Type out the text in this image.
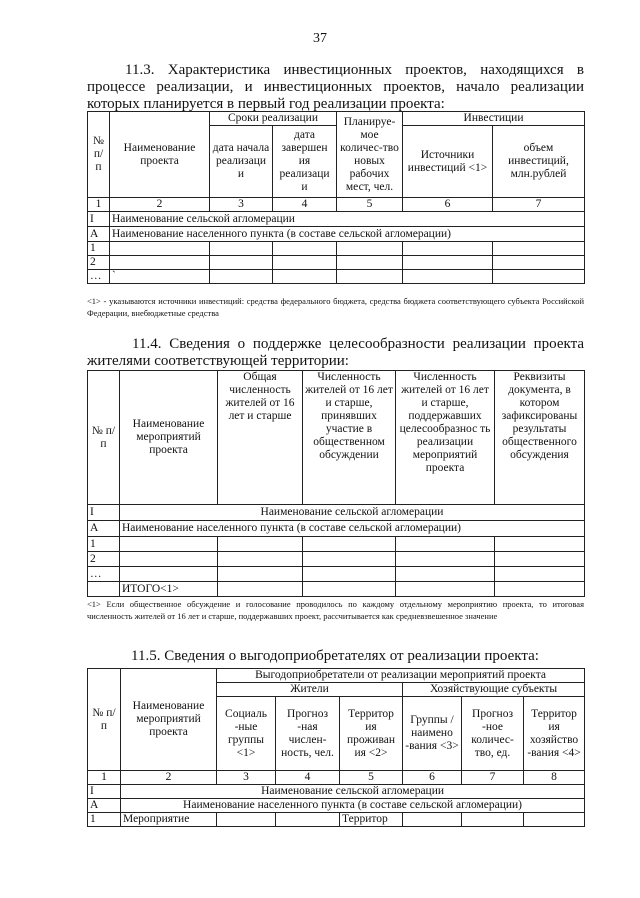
37

11.3. Характеристика инвестиционных проектов, находящихся в процессе реализации, и инвестиционных проектов, начало реализации которых планируется в первый год реализации проекта:

№ п/ п	Наименование проекта	Сроки реализации		Планируе-мое количес-тво новых рабочих мест, чел.	Инвестиции	
		дата начала реализаци и	дата завершен ия реализаци и		Источники инвестиций <1>	объем инвестиций, млн.рублей
1	2	3	4	5	6	7
I	Наименование сельской агломерации					
А	Наименование населенного пункта (в составе сельской агломерации)					
1						
2						
…	`					

<1> - указываются источники инвестиций: средства федерального бюджета, средства бюджета соответствующего субъекта Российской Федерации, внебюджетные средства

11.4. Сведения о поддержке целесообразности реализации проекта жителями соответствующей территории:

№ п/п	Наименование мероприятий проекта	Общая численность жителей от 16 лет и старше	Численность жителей от 16 лет и старше, принявших участие в общественном обсуждении	Численность жителей от 16 лет и старше, поддержавших целесообразнос ть реализации мероприятий проекта	Реквизиты документа, в котором зафиксированы результаты общественного обсуждения
I	Наименование сельской агломерации				
А	Наименование населенного пункта (в составе сельской агломерации)				
1					
2					
…					
	ИТОГО<1>				

<1> Если общественное обсуждение и голосование проводилось по каждому отдельному мероприятию проекта, то итоговая численность жителей от 16 лет и старше, поддержавших проект, рассчитывается как средневзвешенное значение

11.5. Сведения о выгодоприобретателях от реализации проекта:

№ п/п	Наименование мероприятий проекта	Выгодоприобретатели от реализации мероприятий проекта					
		Жители			Хозяйствующие субъекты		
		Социаль -ные группы <1>	Прогноз -ная числен-ность, чел.	Территор ия проживан ия <2>	Группы / наимено -вания <3>	Прогноз -ное количес-тво, ед.	Территор ия хозяйство -вания <4>
1	2	3	4	5	6	7	8
I	Наименование сельской агломерации						
А	Наименование населенного пункта (в составе сельской агломерации)						
1	Мероприятие			Территор			
